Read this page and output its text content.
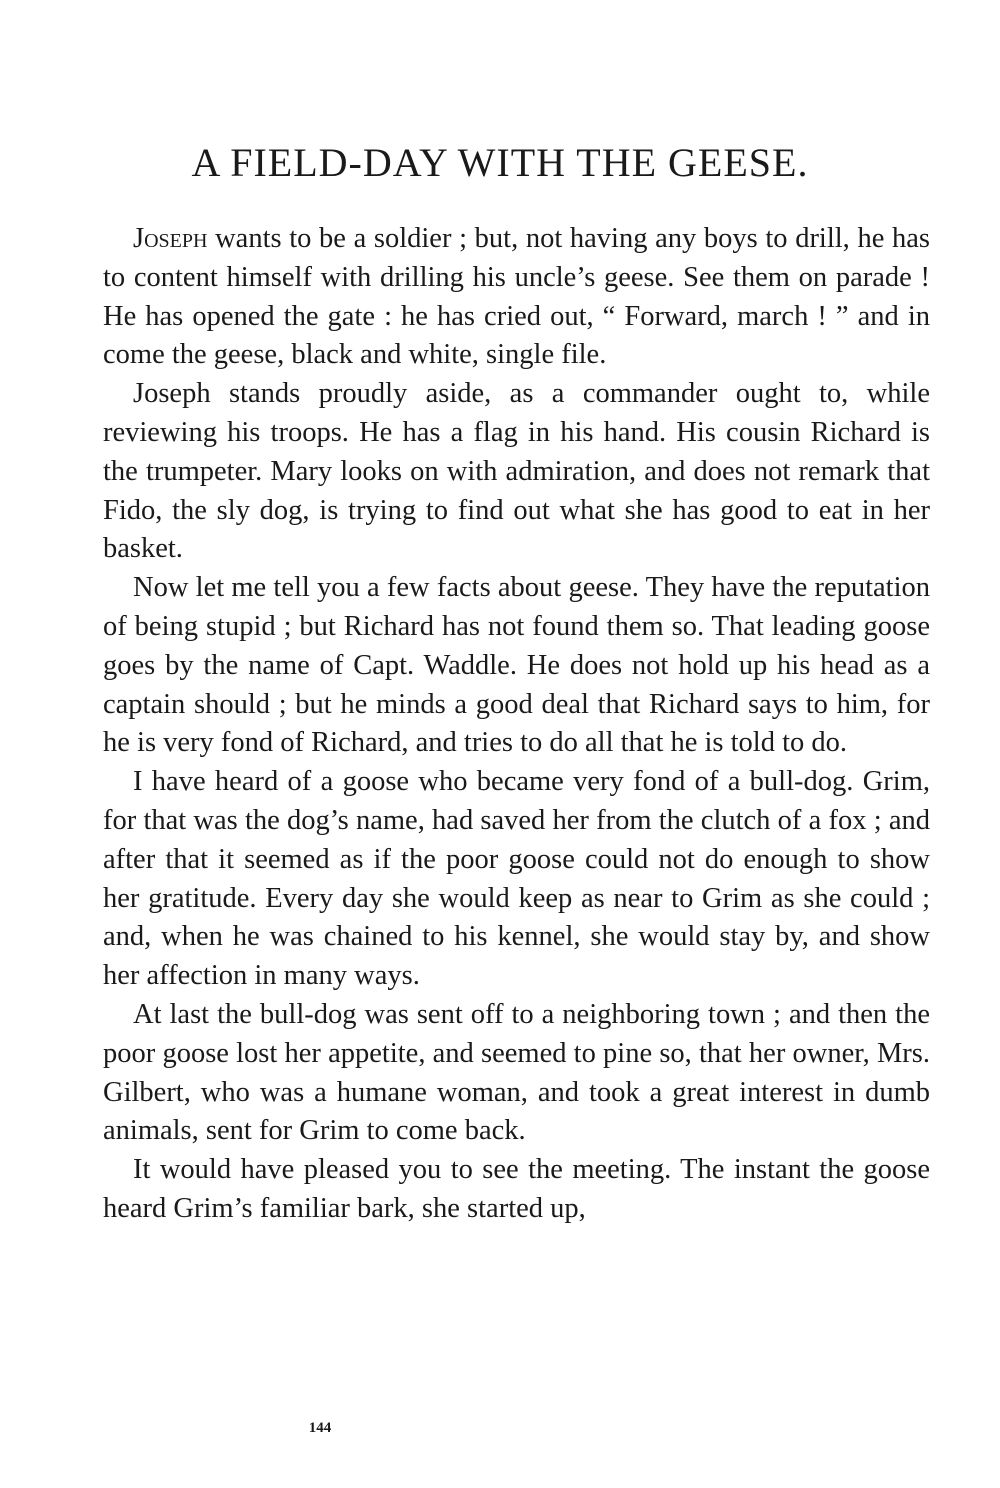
A FIELD-DAY WITH THE GEESE.

Joseph wants to be a soldier ; but, not having any boys to drill, he has to content himself with drilling his uncle’s geese. See them on parade ! He has opened the gate : he has cried out, “ Forward, march ! ” and in come the geese, black and white, single file.

Joseph stands proudly aside, as a commander ought to, while reviewing his troops. He has a flag in his hand. His cousin Richard is the trumpeter. Mary looks on with admiration, and does not remark that Fido, the sly dog, is trying to find out what she has good to eat in her basket.

Now let me tell you a few facts about geese. They have the reputation of being stupid ; but Richard has not found them so. That leading goose goes by the name of Capt. Waddle. He does not hold up his head as a captain should ; but he minds a good deal that Richard says to him, for he is very fond of Richard, and tries to do all that he is told to do.

I have heard of a goose who became very fond of a bull-dog. Grim, for that was the dog’s name, had saved her from the clutch of a fox ; and after that it seemed as if the poor goose could not do enough to show her gratitude. Every day she would keep as near to Grim as she could ; and, when he was chained to his kennel, she would stay by, and show her affection in many ways.

At last the bull-dog was sent off to a neighboring town ; and then the poor goose lost her appetite, and seemed to pine so, that her owner, Mrs. Gilbert, who was a humane woman, and took a great interest in dumb animals, sent for Grim to come back.

It would have pleased you to see the meeting. The instant the goose heard Grim’s familiar bark, she started up,

144
